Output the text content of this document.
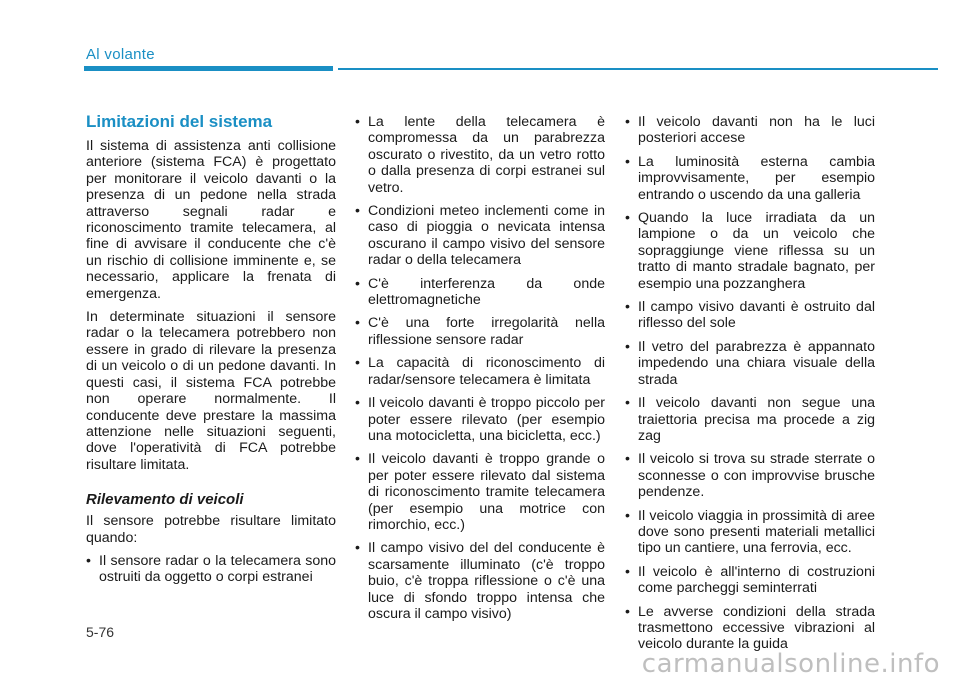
Al volante
Limitazioni del sistema

Il sistema di assistenza anti collisione anteriore (sistema FCA) è progettato per monitorare il veicolo davanti o la presenza di un pedone nella strada attraverso segnali radar e riconoscimento tramite telecamera, al fine di avvisare il conducente che c'è un rischio di collisione imminente e, se necessario, applicare la frenata di emergenza.

In determinate situazioni il sensore radar o la telecamera potrebbero non essere in grado di rilevare la presenza di un veicolo o di un pedone davanti. In questi casi, il sistema FCA potrebbe non operare normalmente. Il conducente deve prestare la massima attenzione nelle situazioni seguenti, dove l'operatività di FCA potrebbe risultare limitata.

Rilevamento di veicoli

Il sensore potrebbe risultare limitato quando:

• Il sensore radar o la telecamera sono ostruiti da oggetto o corpi estranei
• La lente della telecamera è compromessa da un parabrezza oscurato o rivestito, da un vetro rotto o dalla presenza di corpi estranei sul vetro.
• Condizioni meteo inclementi come in caso di pioggia o nevicata intensa oscurano il campo visivo del sensore radar o della telecamera
• C'è interferenza da onde elettromagnetiche
• C'è una forte irregolarità nella riflessione sensore radar
• La capacità di riconoscimento di radar/sensore telecamera è limitata
• Il veicolo davanti è troppo piccolo per poter essere rilevato (per esempio una motocicletta, una bicicletta, ecc.)
• Il veicolo davanti è troppo grande o per poter essere rilevato dal sistema di riconoscimento tramite telecamera (per esempio una motrice con rimorchio, ecc.)
• Il campo visivo del del conducente è scarsamente illuminato (c'è troppo buio, c'è troppa riflessione o c'è una luce di sfondo troppo intensa che oscura il campo visivo)
• Il veicolo davanti non ha le luci posteriori accese
• La luminosità esterna cambia improvvisamente, per esempio entrando o uscendo da una galleria
• Quando la luce irradiata da un lampione o da un veicolo che sopraggiunge viene riflessa su un tratto di manto stradale bagnato, per esempio una pozzanghera
• Il campo visivo davanti è ostruito dal riflesso del sole
• Il vetro del parabrezza è appannato impedendo una chiara visuale della strada
• Il veicolo davanti non segue una traiettoria precisa ma procede a zig zag
• Il veicolo si trova su strade sterrate o sconnesse o con improvvise brusche pendenze.
• Il veicolo viaggia in prossimità di aree dove sono presenti materiali metallici tipo un cantiere, una ferrovia, ecc.
• Il veicolo è all'interno di costruzioni come parcheggi seminterrati
• Le avverse condizioni della strada trasmettono eccessive vibrazioni al veicolo durante la guida
5-76
carmanualsonline.info
